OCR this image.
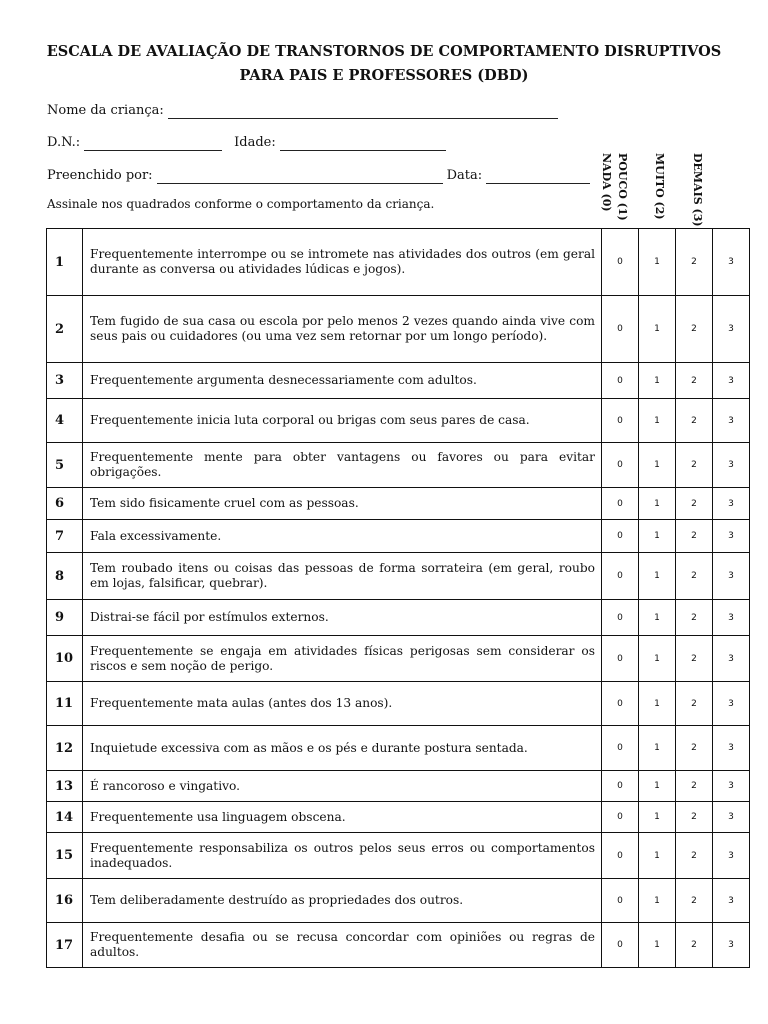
ESCALA DE AVALIAÇÃO DE TRANSTORNOS DE COMPORTAMENTO DISRUPTIVOS
PARA PAIS E PROFESSORES (DBD)
Nome da criança:
D.N.:	Idade:
Preenchido por:	Data:
Assinale nos quadrados conforme o comportamento da criança.	NADA (0) POUCO (1) MUITO (2) DEMAIS (3)
1	Frequentemente interrompe ou se intromete nas atividades dos outros (em geral durante as conversa ou atividades lúdicas e jogos).	0	1	2	3
2	Tem fugido de sua casa ou escola por pelo menos 2 vezes quando ainda vive com seus pais ou cuidadores (ou uma vez sem retornar por um longo período).	0	1	2	3
3	Frequentemente argumenta desnecessariamente com adultos.	0	1	2	3
4	Frequentemente inicia luta corporal ou brigas com seus pares de casa.	0	1	2	3
5	Frequentemente mente para obter vantagens ou favores ou para evitar obrigações.	0	1	2	3
6	Tem sido fisicamente cruel com as pessoas.	0	1	2	3
7	Fala excessivamente.	0	1	2	3
8	Tem roubado itens ou coisas das pessoas de forma sorrateira (em geral, roubo em lojas, falsificar, quebrar).	0	1	2	3
9	Distrai-se fácil por estímulos externos.	0	1	2	3
10	Frequentemente se engaja em atividades físicas perigosas sem considerar os riscos e sem noção de perigo.	0	1	2	3
11	Frequentemente mata aulas (antes dos 13 anos).	0	1	2	3
12	Inquietude excessiva com as mãos e os pés e durante postura sentada.	0	1	2	3
13	É rancoroso e vingativo.	0	1	2	3
14	Frequentemente usa linguagem obscena.	0	1	2	3
15	Frequentemente responsabiliza os outros pelos seus erros ou comportamentos inadequados.	0	1	2	3
16	Tem deliberadamente destruído as propriedades dos outros.	0	1	2	3
17	Frequentemente desafia ou se recusa concordar com opiniões ou regras de adultos.	0	1	2	3
